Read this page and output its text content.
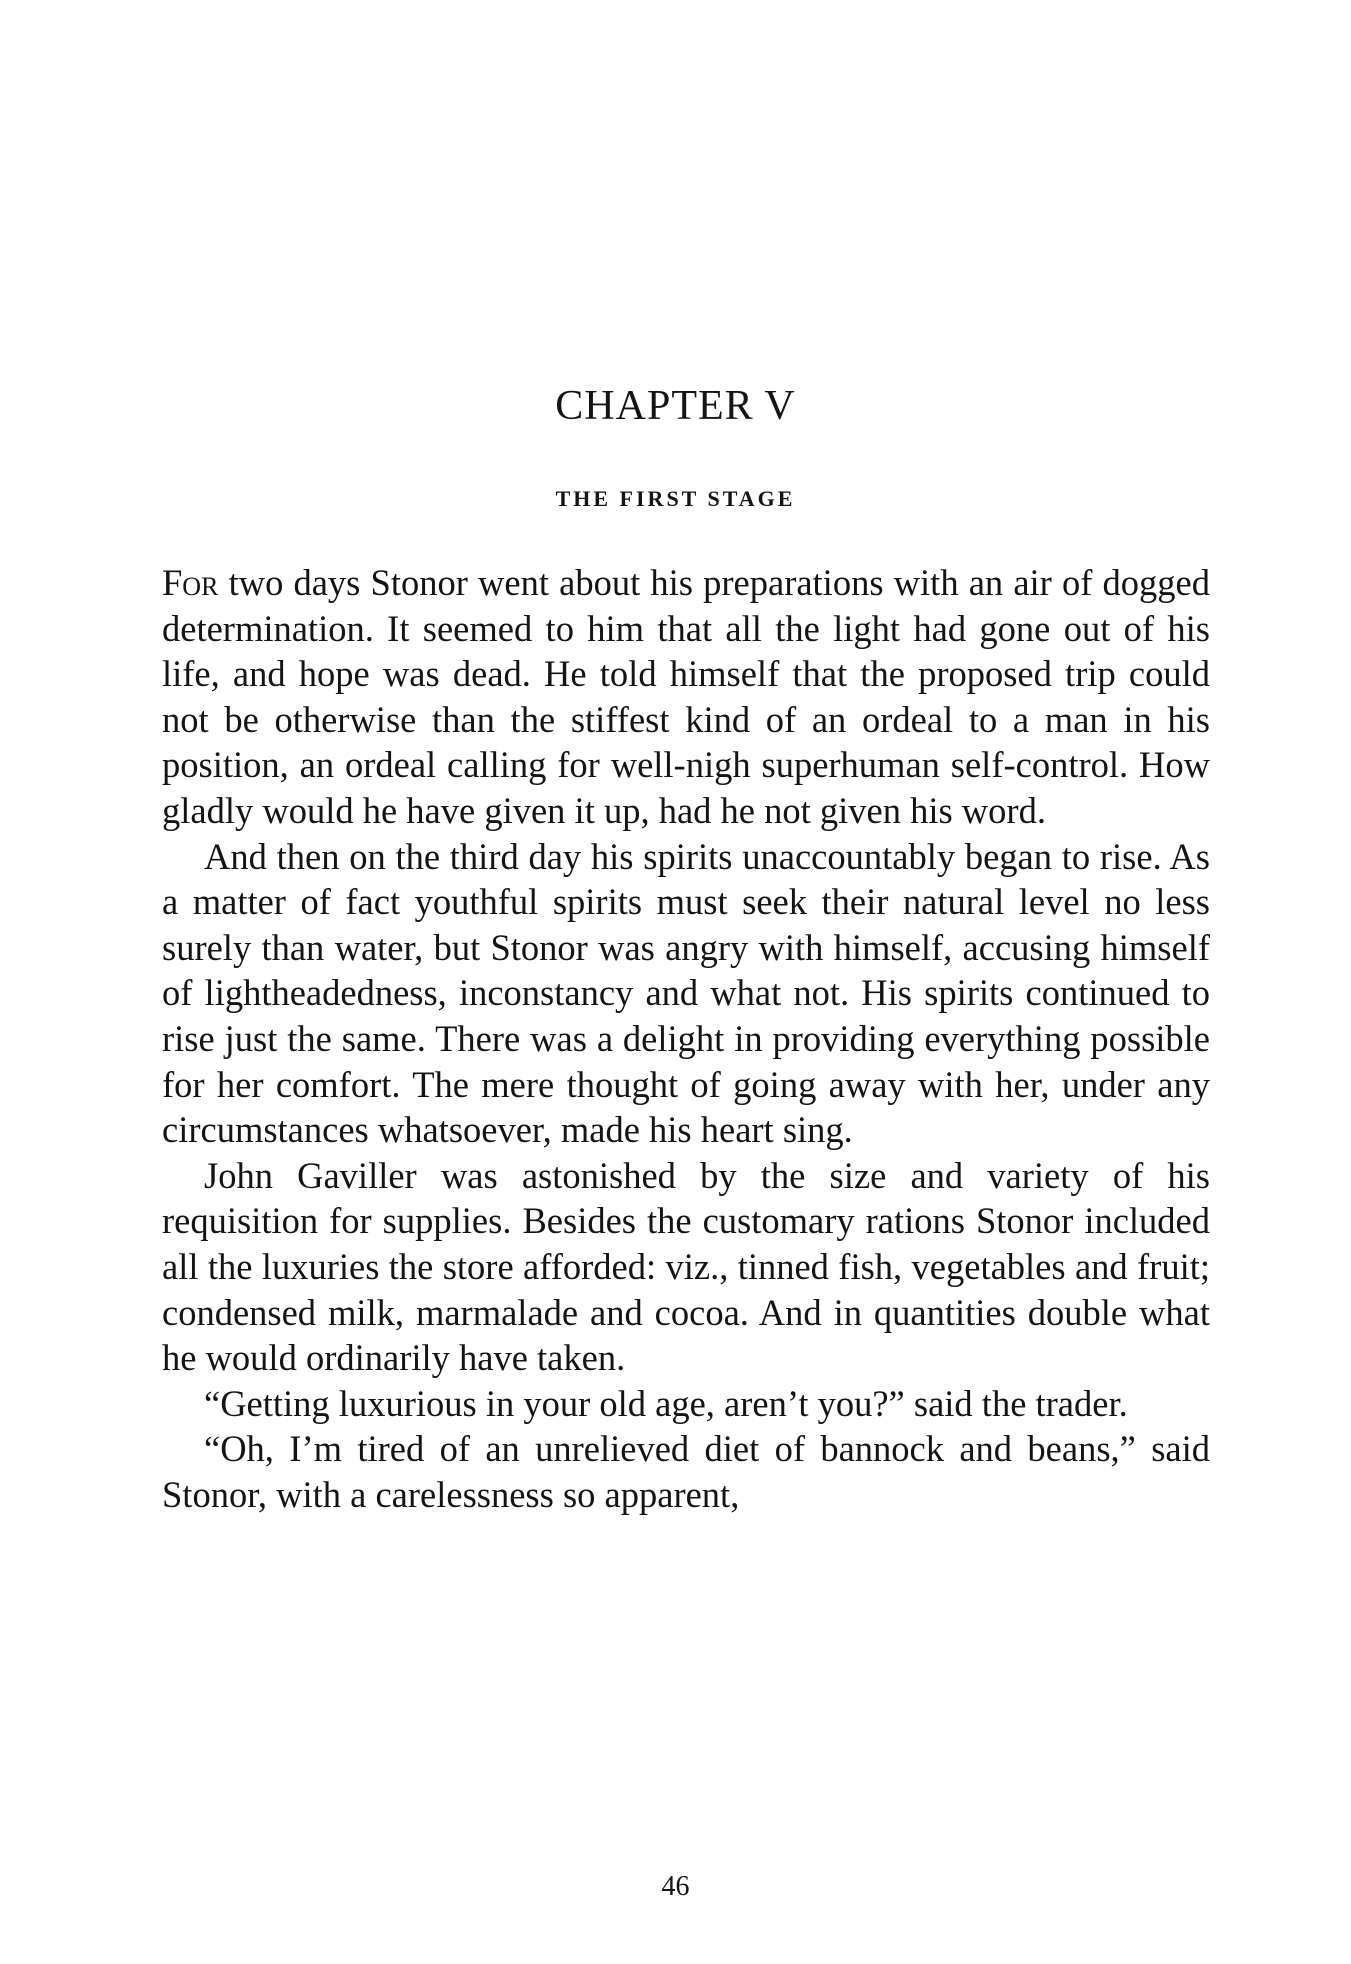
CHAPTER V
THE FIRST STAGE

For two days Stonor went about his preparations with an air of dogged determination. It seemed to him that all the light had gone out of his life, and hope was dead. He told himself that the proposed trip could not be otherwise than the stiffest kind of an ordeal to a man in his position, an ordeal calling for well-nigh superhuman self-control. How gladly would he have given it up, had he not given his word.

And then on the third day his spirits unaccountably began to rise. As a matter of fact youthful spirits must seek their natural level no less surely than water, but Stonor was angry with himself, accusing himself of lightheadedness, inconstancy and what not. His spirits continued to rise just the same. There was a delight in providing everything possible for her comfort. The mere thought of going away with her, under any circumstances whatsoever, made his heart sing.

John Gaviller was astonished by the size and variety of his requisition for supplies. Besides the customary rations Stonor included all the luxuries the store afforded: viz., tinned fish, vegetables and fruit; condensed milk, marmalade and cocoa. And in quantities double what he would ordinarily have taken.

“Getting luxurious in your old age, aren’t you?” said the trader.

“Oh, I’m tired of an unrelieved diet of bannock and beans,” said Stonor, with a carelessness so apparent,

46
